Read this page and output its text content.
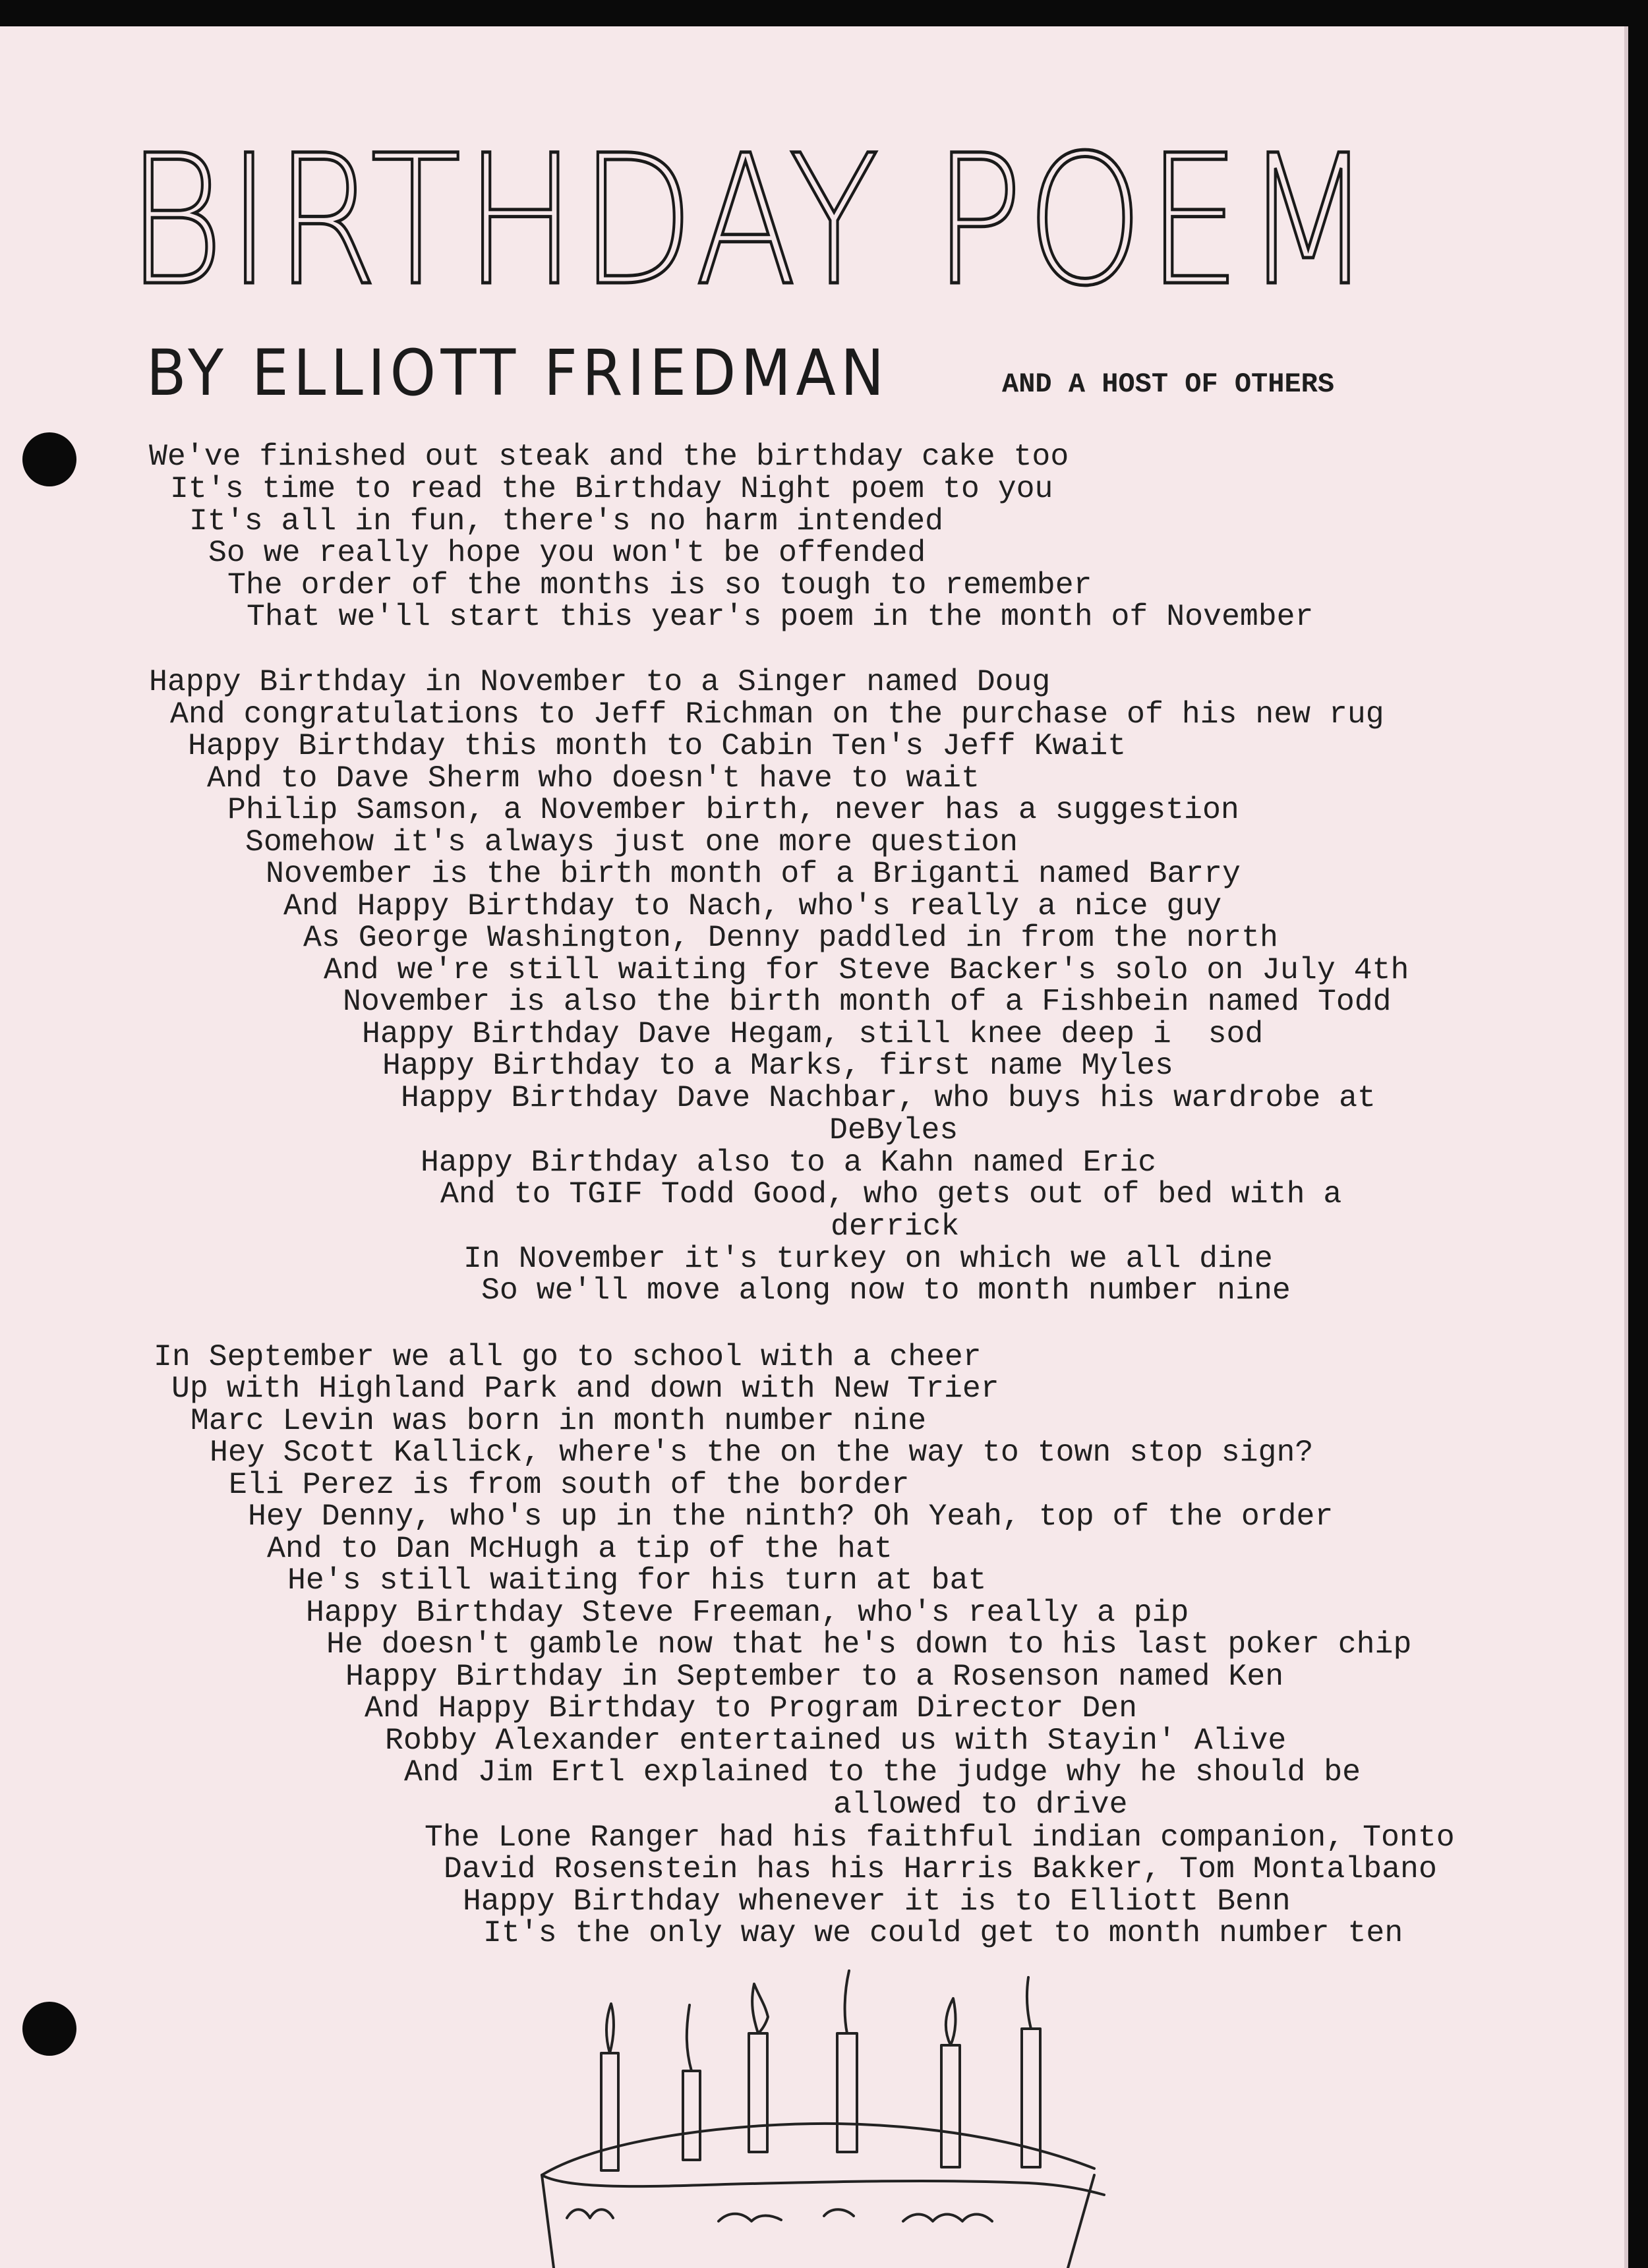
BIRTHDAY POEM
BY ELLIOTT FRIEDMAN	AND A HOST OF OTHERS
We've finished out steak and the birthday cake too
It's time to read the Birthday Night poem to you
It's all in fun, there's no harm intended
So we really hope you won't be offended
The order of the months is so tough to remember
That we'll start this year's poem in the month of November
Happy Birthday in November to a Singer named Doug
And congratulations to Jeff Richman on the purchase of his new rug
Happy Birthday this month to Cabin Ten's Jeff Kwait
And to Dave Sherm who doesn't have to wait
Philip Samson, a November birth, never has a suggestion
Somehow it's always just one more question
November is the birth month of a Briganti named Barry
And Happy Birthday to Nach, who's really a nice guy
As George Washington, Denny paddled in from the north
And we're still waiting for Steve Backer's solo on July 4th
November is also the birth month of a Fishbein named Todd
Happy Birthday Dave Hegam, still knee deep i  sod
Happy Birthday to a Marks, first name Myles
Happy Birthday Dave Nachbar, who buys his wardrobe at
DeByles
Happy Birthday also to a Kahn named Eric
And to TGIF Todd Good, who gets out of bed with a
derrick
In November it's turkey on which we all dine
So we'll move along now to month number nine
In September we all go to school with a cheer
Up with Highland Park and down with New Trier
Marc Levin was born in month number nine
Hey Scott Kallick, where's the on the way to town stop sign?
Eli Perez is from south of the border
Hey Denny, who's up in the ninth? Oh Yeah, top of the order
And to Dan McHugh a tip of the hat
He's still waiting for his turn at bat
Happy Birthday Steve Freeman, who's really a pip
He doesn't gamble now that he's down to his last poker chip
Happy Birthday in September to a Rosenson named Ken
And Happy Birthday to Program Director Den
Robby Alexander entertained us with Stayin' Alive
And Jim Ertl explained to the judge why he should be
allowed to drive
The Lone Ranger had his faithful indian companion, Tonto
David Rosenstein has his Harris Bakker, Tom Montalbano
Happy Birthday whenever it is to Elliott Benn
It's the only way we could get to month number ten
